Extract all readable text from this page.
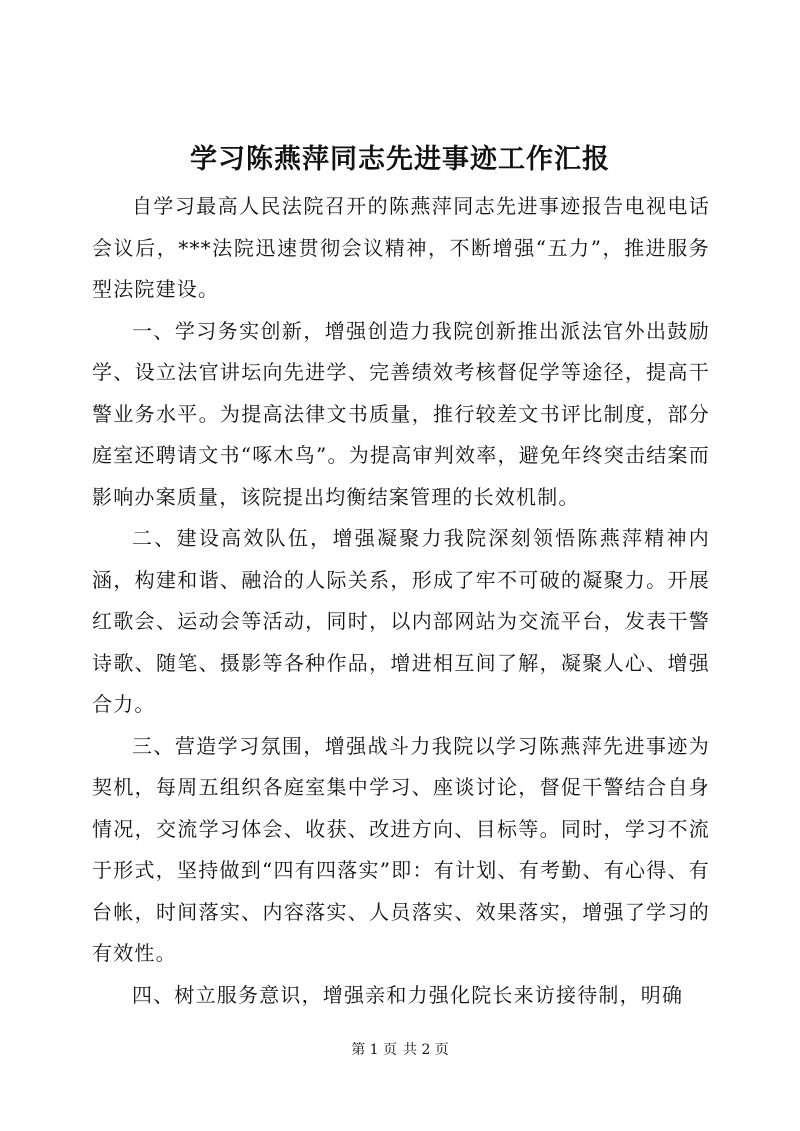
学习陈燕萍同志先进事迹工作汇报

自学习最高人民法院召开的陈燕萍同志先进事迹报告电视电话会议后，***法院迅速贯彻会议精神，不断增强“五力”，推进服务型法院建设。

一、学习务实创新，增强创造力我院创新推出派法官外出鼓励学、设立法官讲坛向先进学、完善绩效考核督促学等途径，提高干警业务水平。为提高法律文书质量，推行较差文书评比制度，部分庭室还聘请文书“啄木鸟”。为提高审判效率，避免年终突击结案而影响办案质量，该院提出均衡结案管理的长效机制。

二、建设高效队伍，增强凝聚力我院深刻领悟陈燕萍精神内涵，构建和谐、融洽的人际关系，形成了牢不可破的凝聚力。开展红歌会、运动会等活动，同时，以内部网站为交流平台，发表干警诗歌、随笔、摄影等各种作品，增进相互间了解，凝聚人心、增强合力。

三、营造学习氛围，增强战斗力我院以学习陈燕萍先进事迹为契机，每周五组织各庭室集中学习、座谈讨论，督促干警结合自身情况，交流学习体会、收获、改进方向、目标等。同时，学习不流于形式，坚持做到“四有四落实”即：有计划、有考勤、有心得、有台帐，时间落实、内容落实、人员落实、效果落实，增强了学习的有效性。

四、树立服务意识，增强亲和力强化院长来访接待制，明确

第 1 页 共 2 页
